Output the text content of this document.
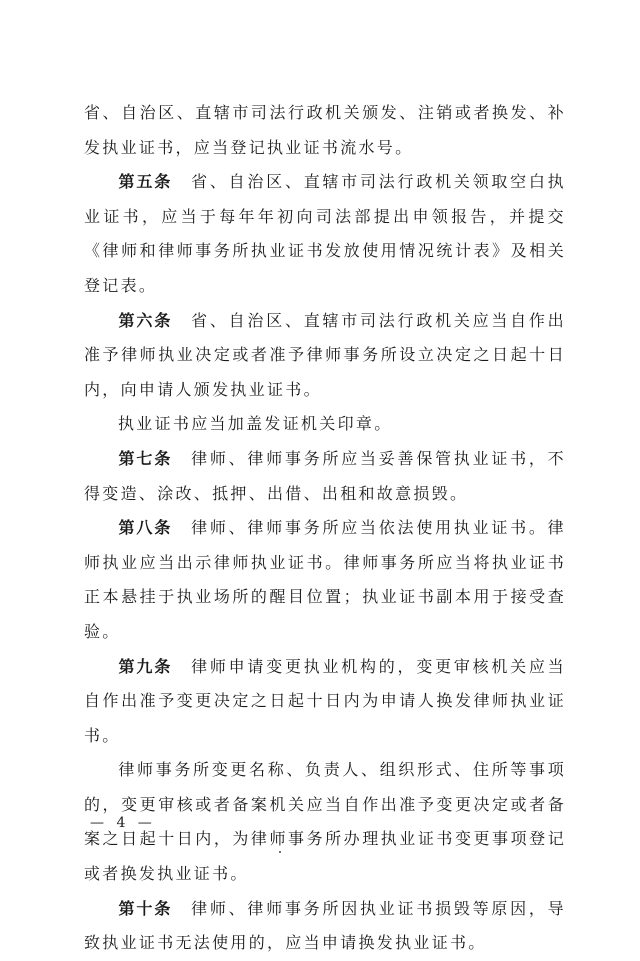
省、自治区、直辖市司法行政机关颁发、注销或者换发、补发执业证书，应当登记执业证书流水号。

第五条　省、自治区、直辖市司法行政机关领取空白执业证书，应当于每年年初向司法部提出申领报告，并提交《律师和律师事务所执业证书发放使用情况统计表》及相关登记表。

第六条　省、自治区、直辖市司法行政机关应当自作出准予律师执业决定或者准予律师事务所设立决定之日起十日内，向申请人颁发执业证书。

执业证书应当加盖发证机关印章。

第七条　律师、律师事务所应当妥善保管执业证书，不得变造、涂改、抵押、出借、出租和故意损毁。

第八条　律师、律师事务所应当依法使用执业证书。律师执业应当出示律师执业证书。律师事务所应当将执业证书正本悬挂于执业场所的醒目位置；执业证书副本用于接受查验。

第九条　律师申请变更执业机构的，变更审核机关应当自作出准予变更决定之日起十日内为申请人换发律师执业证书。

律师事务所变更名称、负责人、组织形式、住所等事项的，变更审核或者备案机关应当自作出准予变更决定或者备案之日起十日内，为律师事务所办理执业证书变更事项登记或者换发执业证书。

第十条　律师、律师事务所因执业证书损毁等原因，导致执业证书无法使用的，应当申请换发执业证书。

— 4 —
